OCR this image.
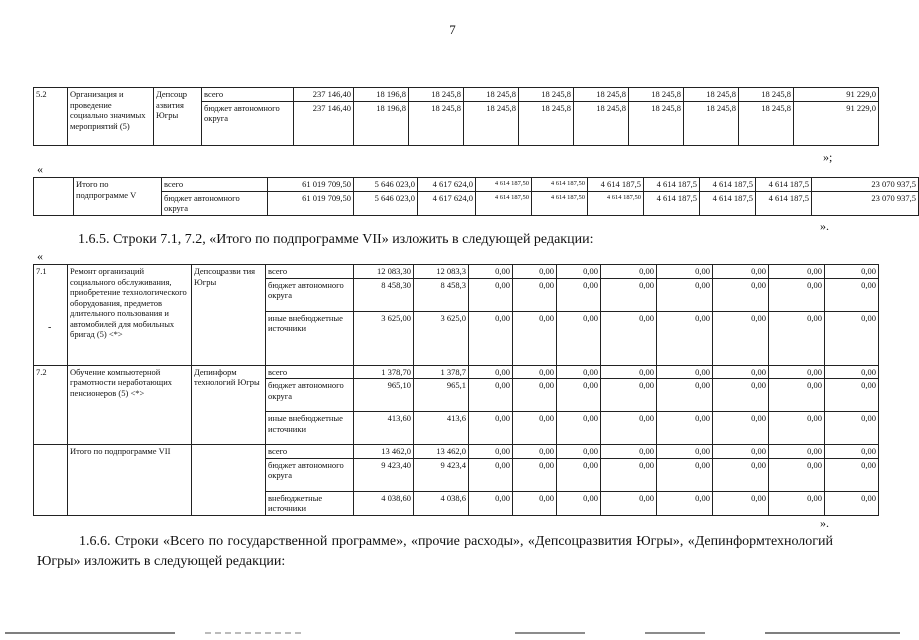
7
5.2	Организация и проведение социально значимых мероприятий (5)	Депсоцр азвития Югры	всего	237 146,40	18 196,8	18 245,8	18 245,8	18 245,8	18 245,8	18 245,8	18 245,8	18 245,8	91 229,0
			бюджет автономного округа	237 146,40	18 196,8	18 245,8	18 245,8	18 245,8	18 245,8	18 245,8	18 245,8	18 245,8	91 229,0
»;
«
	Итого по подпрограмме V	всего	61 019 709,50	5 646 023,0	4 617 624,0	4 614 187,50	4 614 187,50	4 614 187,5	4 614 187,5	4 614 187,5	4 614 187,5	23 070 937,5
		бюджет автономного округа	61 019 709,50	5 646 023,0	4 617 624,0	4 614 187,50	4 614 187,50	4 614 187,50	4 614 187,5	4 614 187,5	4 614 187,5	23 070 937,5
».
1.6.5. Строки 7.1, 7.2, «Итого по подпрограмме VII» изложить в следующей редакции:
«
7.1	Ремонт организаций социального обслуживания, приобретение технологического оборудования, предметов длительного пользования и автомобилей для мобильных бригад (5) <*>	Депсоцразви тия Югры	всего	12 083,30	12 083,3	0,00	0,00	0,00	0,00	0,00	0,00	0,00	0,00
			бюджет автономного округа	8 458,30	8 458,3	0,00	0,00	0,00	0,00	0,00	0,00	0,00	0,00
			иные внебюджетные источники	3 625,00	3 625,0	0,00	0,00	0,00	0,00	0,00	0,00	0,00	0,00
7.2	Обучение компьютерной грамотности неработающих пенсионеров (5) <*>	Депинформ технологий Югры	всего	1 378,70	1 378,7	0,00	0,00	0,00	0,00	0,00	0,00	0,00	0,00
			бюджет автономного округа	965,10	965,1	0,00	0,00	0,00	0,00	0,00	0,00	0,00	0,00
			иные внебюджетные источники	413,60	413,6	0,00	0,00	0,00	0,00	0,00	0,00	0,00	0,00
	Итого по подпрограмме VII		всего	13 462,0	13 462,0	0,00	0,00	0,00	0,00	0,00	0,00	0,00	0,00
			бюджет автономного округа	9 423,40	9 423,4	0,00	0,00	0,00	0,00	0,00	0,00	0,00	0,00
			внебюджетные источники	4 038,60	4 038,6	0,00	0,00	0,00	0,00	0,00	0,00	0,00	0,00
-
».
1.6.6. Строки «Всего по государственной программе», «прочие расходы», «Депсоцразвития Югры», «Депинформтехнологий Югры» изложить в следующей редакции:
